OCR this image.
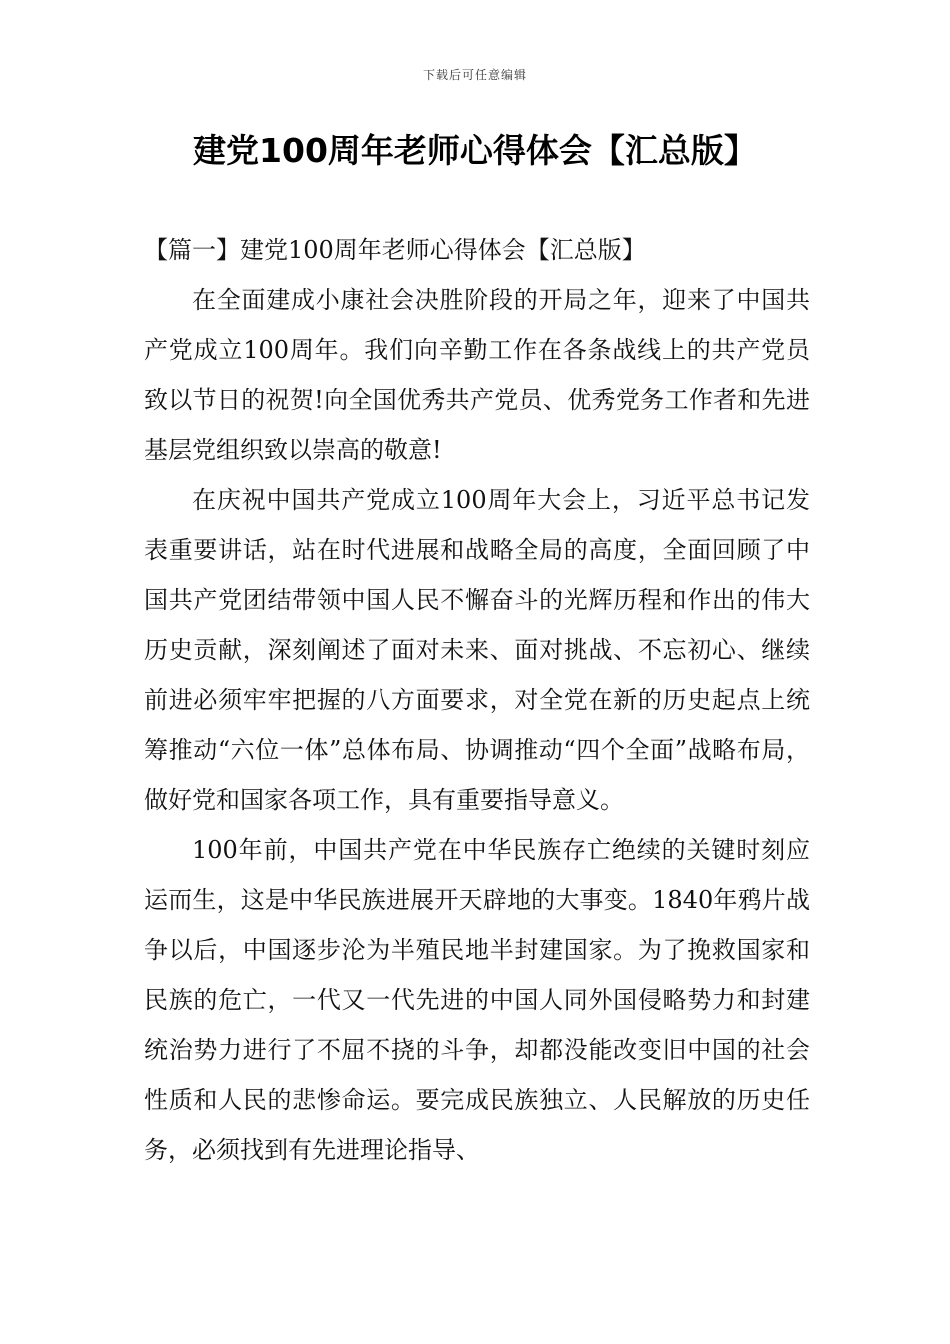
下载后可任意编辑
建党100周年老师心得体会【汇总版】

【篇一】建党100周年老师心得体会【汇总版】

在全面建成小康社会决胜阶段的开局之年，迎来了中国共产党成立100周年。我们向辛勤工作在各条战线上的共产党员致以节日的祝贺!向全国优秀共产党员、优秀党务工作者和先进基层党组织致以崇高的敬意!

在庆祝中国共产党成立100周年大会上，习近平总书记发表重要讲话，站在时代进展和战略全局的高度，全面回顾了中国共产党团结带领中国人民不懈奋斗的光辉历程和作出的伟大历史贡献，深刻阐述了面对未来、面对挑战、不忘初心、继续前进必须牢牢把握的八方面要求，对全党在新的历史起点上统筹推动“六位一体”总体布局、协调推动“四个全面”战略布局，做好党和国家各项工作，具有重要指导意义。

100年前，中国共产党在中华民族存亡绝续的关键时刻应运而生，这是中华民族进展开天辟地的大事变。1840年鸦片战争以后，中国逐步沦为半殖民地半封建国家。为了挽救国家和民族的危亡，一代又一代先进的中国人同外国侵略势力和封建统治势力进行了不屈不挠的斗争，却都没能改变旧中国的社会性质和人民的悲惨命运。要完成民族独立、人民解放的历史任务，必须找到有先进理论指导、
